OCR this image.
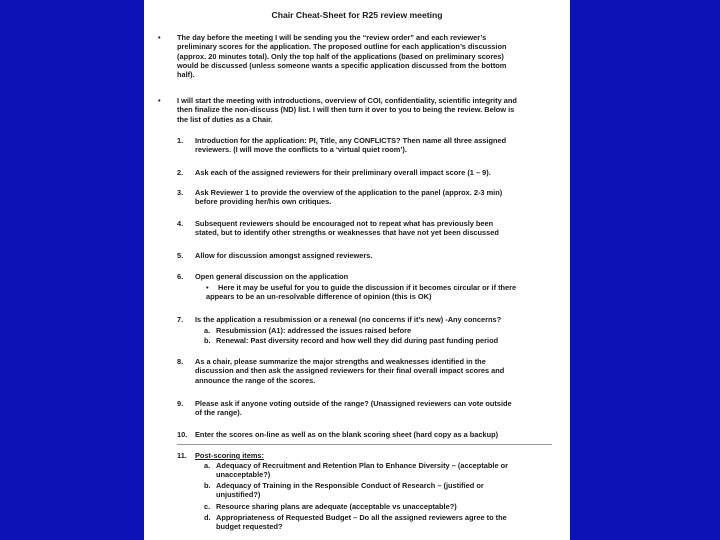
Chair Cheat-Sheet for R25 review meeting
• The day before the meeting I will be sending you the “review order” and each reviewer’s
preliminary scores for the application. The proposed outline for each application’s discussion
(approx. 20 minutes total). Only the top half of the applications (based on preliminary scores)
would be discussed (unless someone wants a specific application discussed from the bottom
half).
• I will start the meeting with introductions, overview of COI, confidentiality, scientific integrity and
then finalize the non-discuss (ND) list. I will then turn it over to you to being the review. Below is
the list of duties as a Chair.
1.	Introduction for the application: PI, Title, any CONFLICTS? Then name all three assigned
reviewers. (I will move the conflicts to a ‘virtual quiet room’).
2.	Ask each of the assigned reviewers for their preliminary overall impact score (1 – 9).
3.	Ask Reviewer 1 to provide the overview of the application to the panel (approx. 2-3 min)
before providing her/his own critiques.
4.	Subsequent reviewers should be encouraged not to repeat what has previously been
stated, but to identify other strengths or weaknesses that have not yet been discussed
5.	Allow for discussion amongst assigned reviewers.
6.	Open general discussion on the application
• Here it may be useful for you to guide the discussion if it becomes circular or if there
appears to be an un-resolvable difference of opinion (this is OK)
7.	Is the application a resubmission or a renewal (no concerns if it’s new) -Any concerns?
a. Resubmission (A1): addressed the issues raised before
b. Renewal: Past diversity record and how well they did during past funding period
8.	As a chair, please summarize the major strengths and weaknesses identified in the
discussion and then ask the assigned reviewers for their final overall impact scores and
announce the range of the scores.
9.	Please ask if anyone voting outside of the range? (Unassigned reviewers can vote outside
of the range).
10.	Enter the scores on-line as well as on the blank scoring sheet (hard copy as a backup)
11.	Post-scoring items:
a. Adequacy of Recruitment and Retention Plan to Enhance Diversity – (acceptable or
unacceptable?)
b. Adequacy of Training in the Responsible Conduct of Research – (justified or
unjustified?)
c. Resource sharing plans are adequate (acceptable vs unacceptable?)
d. Appropriateness of Requested Budget – Do all the assigned reviewers agree to the
budget requested?
